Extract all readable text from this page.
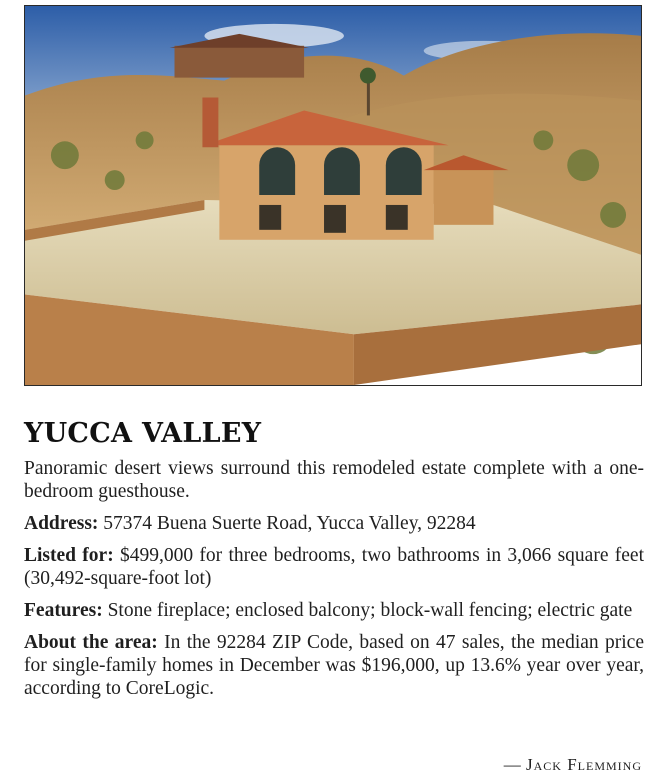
YUCCA VALLEY

Panoramic desert views surround this remodeled estate complete with a one-bedroom guesthouse.

Address: 57374 Buena Suerte Road, Yucca Valley, 92284

Listed for: $499,000 for three bedrooms, two bathrooms in 3,066 square feet (30,492-square-foot lot)

Features: Stone fireplace; enclosed balcony; block-wall fencing; electric gate

About the area: In the 92284 ZIP Code, based on 47 sales, the median price for single-family homes in December was $196,000, up 13.6% year over year, according to CoreLogic.

— Jack Flemming
